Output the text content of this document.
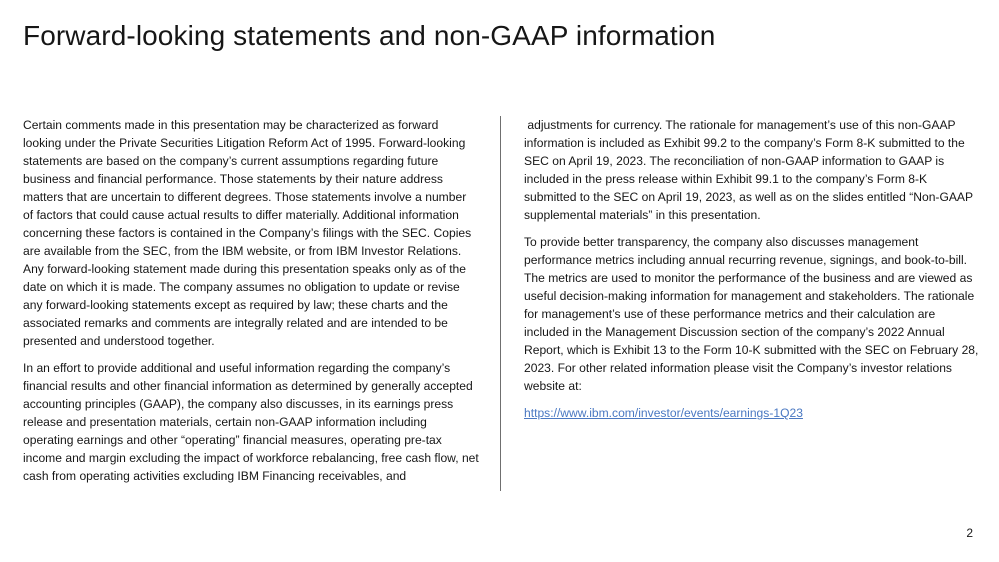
Forward-looking statements and non-GAAP information

Certain comments made in this presentation may be characterized as forward looking under the Private Securities Litigation Reform Act of 1995. Forward-looking statements are based on the company’s current assumptions regarding future business and financial performance. Those statements by their nature address matters that are uncertain to different degrees. Those statements involve a number of factors that could cause actual results to differ materially. Additional information concerning these factors is contained in the Company’s filings with the SEC. Copies are available from the SEC, from the IBM website, or from IBM Investor Relations. Any forward-looking statement made during this presentation speaks only as of the date on which it is made. The company assumes no obligation to update or revise any forward-looking statements except as required by law; these charts and the associated remarks and comments are integrally related and are intended to be presented and understood together.

In an effort to provide additional and useful information regarding the company’s financial results and other financial information as determined by generally accepted accounting principles (GAAP), the company also discusses, in its earnings press release and presentation materials, certain non-GAAP information including operating earnings and other “operating” financial measures, operating pre-tax income and margin excluding the impact of workforce rebalancing, free cash flow, net cash from operating activities excluding IBM Financing receivables, and

adjustments for currency. The rationale for management’s use of this non-GAAP information is included as Exhibit 99.2 to the company’s Form 8-K submitted to the SEC on April 19, 2023. The reconciliation of non-GAAP information to GAAP is included in the press release within Exhibit 99.1 to the company’s Form 8-K submitted to the SEC on April 19, 2023, as well as on the slides entitled “Non-GAAP supplemental materials” in this presentation.

To provide better transparency, the company also discusses management performance metrics including annual recurring revenue, signings, and book-to-bill. The metrics are used to monitor the performance of the business and are viewed as useful decision-making information for management and stakeholders. The rationale for management’s use of these performance metrics and their calculation are included in the Management Discussion section of the company’s 2022 Annual Report, which is Exhibit 13 to the Form 10-K submitted with the SEC on February 28, 2023. For other related information please visit the Company’s investor relations website at:

https://www.ibm.com/investor/events/earnings-1Q23

2
